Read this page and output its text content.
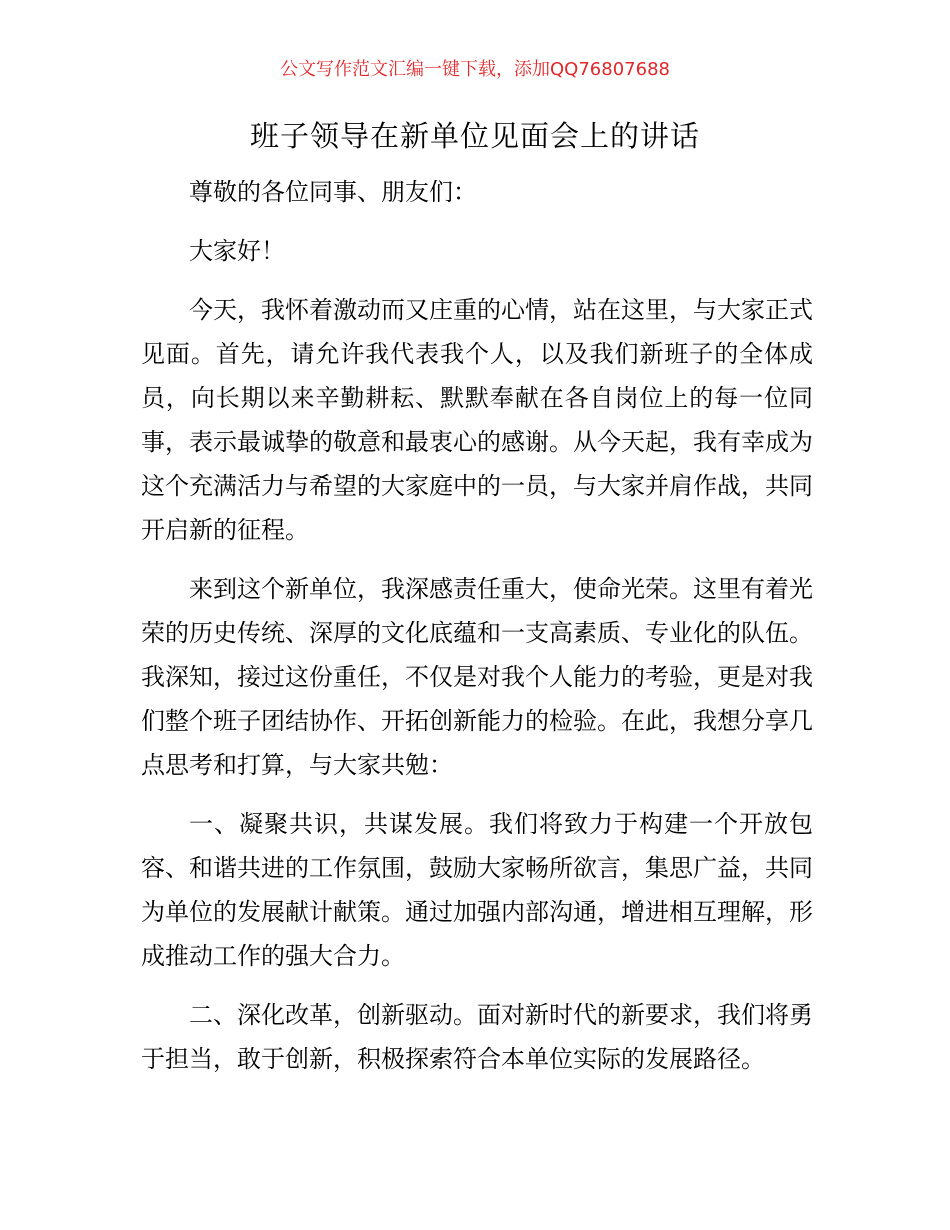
公文写作范文汇编一键下载，添加QQ76807688
班子领导在新单位见面会上的讲话

尊敬的各位同事、朋友们：

大家好！

今天，我怀着激动而又庄重的心情，站在这里，与大家正式见面。首先，请允许我代表我个人，以及我们新班子的全体成员，向长期以来辛勤耕耘、默默奉献在各自岗位上的每一位同事，表示最诚挚的敬意和最衷心的感谢。从今天起，我有幸成为这个充满活力与希望的大家庭中的一员，与大家并肩作战，共同开启新的征程。

来到这个新单位，我深感责任重大，使命光荣。这里有着光荣的历史传统、深厚的文化底蕴和一支高素质、专业化的队伍。我深知，接过这份重任，不仅是对我个人能力的考验，更是对我们整个班子团结协作、开拓创新能力的检验。在此，我想分享几点思考和打算，与大家共勉：

一、凝聚共识，共谋发展。我们将致力于构建一个开放包容、和谐共进的工作氛围，鼓励大家畅所欲言，集思广益，共同为单位的发展献计献策。通过加强内部沟通，增进相互理解，形成推动工作的强大合力。

二、深化改革，创新驱动。面对新时代的新要求，我们将勇于担当，敢于创新，积极探索符合本单位实际的发展路径。
